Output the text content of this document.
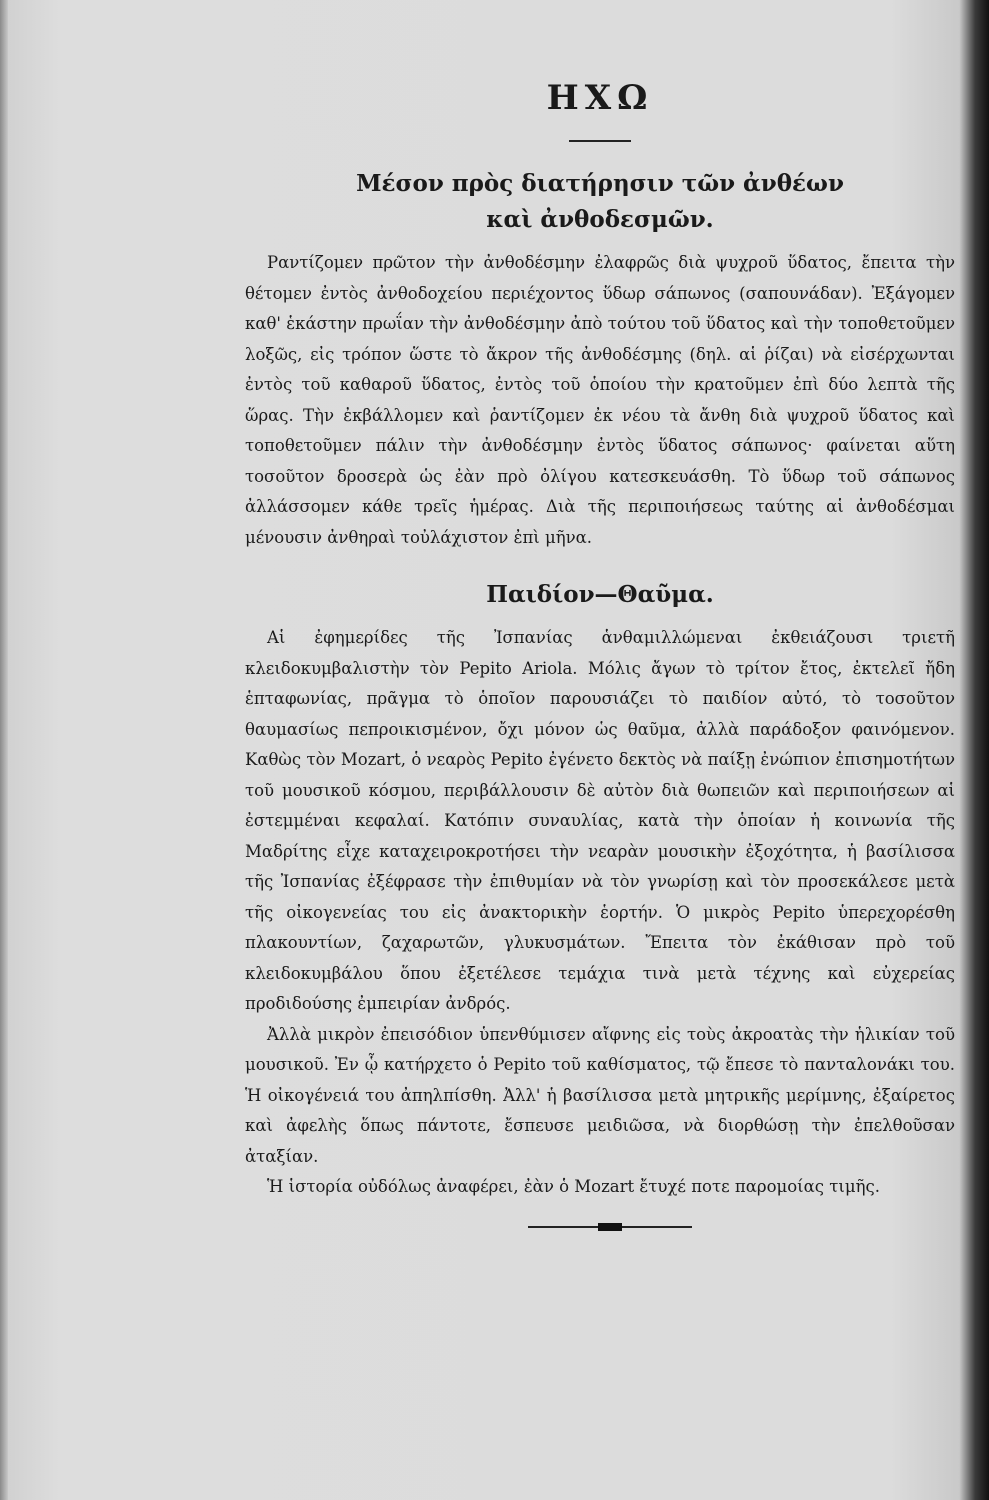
ΗΧΩ
Μέσον πρὸς διατήρησιν τῶν ἀνθέων
καὶ ἀνθοδεσμῶν.

Ραντίζομεν πρῶτον τὴν ἀνθοδέσμην ἐλαφρῶς διὰ ψυχροῦ ὕδατος, ἔπειτα τὴν θέτομεν ἐντὸς ἀνθοδοχείου περιέχοντος ὕδωρ σάπωνος (σαπουνάδαν). Ἐξάγομεν καθ' ἑκάστην πρωΐαν τὴν ἀνθοδέσμην ἀπὸ τούτου τοῦ ὕδατος καὶ τὴν τοποθετοῦμεν λοξῶς, εἰς τρόπον ὥστε τὸ ἄκρον τῆς ἀνθοδέσμης (δηλ. αἱ ῥίζαι) νὰ εἰσέρχωνται ἐντὸς τοῦ καθαροῦ ὕδατος, ἐντὸς τοῦ ὁποίου τὴν κρατοῦμεν ἐπὶ δύο λεπτὰ τῆς ὥρας. Τὴν ἐκβάλλομεν καὶ ῥαντίζομεν ἐκ νέου τὰ ἄνθη διὰ ψυχροῦ ὕδατος καὶ τοποθετοῦμεν πάλιν τὴν ἀνθοδέσμην ἐντὸς ὕδατος σάπωνος· φαίνεται αὕτη τοσοῦτον δροσερὰ ὡς ἐὰν πρὸ ὀλίγου κατεσκευάσθη. Τὸ ὕδωρ τοῦ σάπωνος ἀλλάσσομεν κάθε τρεῖς ἡμέρας. Διὰ τῆς περιποιήσεως ταύτης αἱ ἀνθοδέσμαι μένουσιν ἀνθηραὶ τοὐλάχιστον ἐπὶ μῆνα.

Παιδίον—Θαῦμα.

Αἱ ἐφημερίδες τῆς Ἰσπανίας ἁνθαμιλλώμεναι ἐκθειάζουσι τριετῆ κλειδοκυμβαλιστὴν τὸν Pepito Ariola. Μόλις ἄγων τὸ τρίτον ἔτος, ἐκτελεῖ ἤδη ἑπταφωνίας, πρᾶγμα τὸ ὁποῖον παρουσιάζει τὸ παιδίον αὐτό, τὸ τοσοῦτον θαυμασίως πεπροικισμένον, ὄχι μόνον ὡς θαῦμα, ἀλλὰ παράδοξον φαινόμενον. Καθὼς τὸν Mozart, ὁ νεαρὸς Pepito ἐγένετο δεκτὸς νὰ παίξῃ ἐνώπιον ἐπισημοτήτων τοῦ μουσικοῦ κόσμου, περιβάλλουσιν δὲ αὐτὸν διὰ θωπειῶν καὶ περιποιήσεων αἱ ἐστεμμέναι κεφαλαί. Κατόπιν συναυλίας, κατὰ τὴν ὁποίαν ἡ κοινωνία τῆς Μαδρίτης εἶχε καταχειροκροτήσει τὴν νεαρὰν μουσικὴν ἐξοχότητα, ἡ βασίλισσα τῆς Ἰσπανίας ἐξέφρασε τὴν ἐπιθυμίαν νὰ τὸν γνωρίσῃ καὶ τὸν προσεκάλεσε μετὰ τῆς οἰκογενείας του εἰς ἀνακτορικὴν ἑορτήν. Ὁ μικρὸς Pepito ὑπερεχορέσθη πλακουντίων, ζαχαρωτῶν, γλυκυσμάτων. Ἔπειτα τὸν ἐκάθισαν πρὸ τοῦ κλειδοκυμβάλου ὅπου ἐξετέλεσε τεμάχια τινὰ μετὰ τέχνης καὶ εὐχερείας προδιδούσης ἐμπειρίαν ἀνδρός.

Ἀλλὰ μικρὸν ἐπεισόδιον ὑπενθύμισεν αἴφνης εἰς τοὺς ἀκροατὰς τὴν ἡλικίαν τοῦ μουσικοῦ. Ἐν ᾧ κατήρχετο ὁ Pepito τοῦ καθίσματος, τῷ ἔπεσε τὸ πανταλονάκι του. Ἡ οἰκογένειά του ἀπηλπίσθη. Ἀλλ' ἡ βασίλισσα μετὰ μητρικῆς μερίμνης, ἐξαίρετος καὶ ἀφελὴς ὅπως πάντοτε, ἔσπευσε μειδιῶσα, νὰ διορθώσῃ τὴν ἐπελθοῦσαν ἀταξίαν.

Ἡ ἱστορία οὐδόλως ἀναφέρει, ἐὰν ὁ Mozart ἔτυχέ ποτε παρομοίας τιμῆς.
